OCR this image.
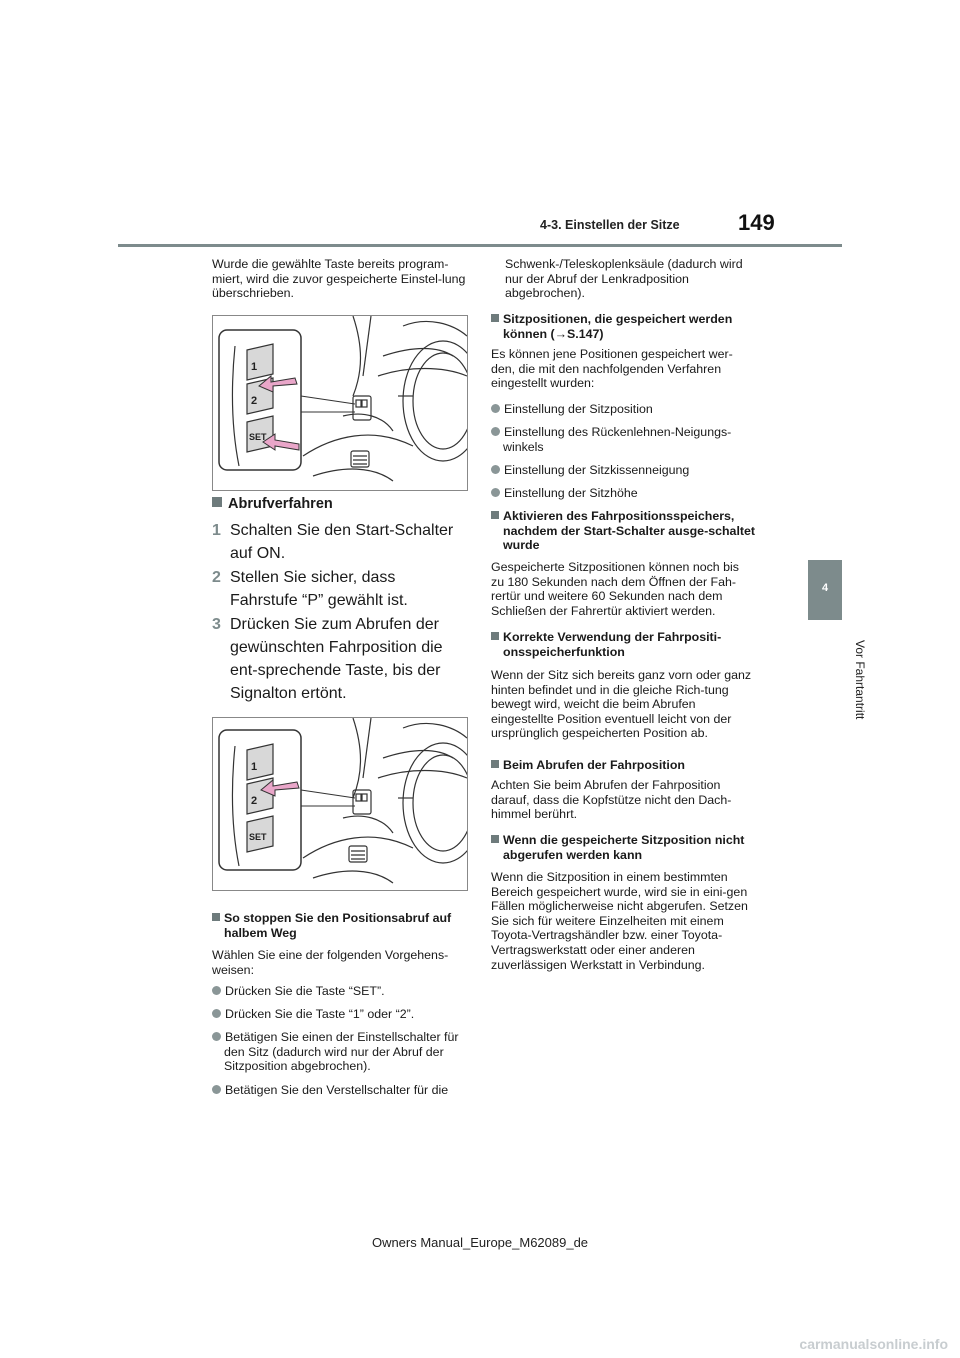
4-3. Einstellen der Sitze	149
4
Vor Fahrtantritt
Wurde die gewählte Taste bereits program-miert, wird die zuvor gespeicherte Einstel-lung überschrieben.
1
2
SET
Abrufverfahren
1 Schalten Sie den Start-Schalter auf ON.
2 Stellen Sie sicher, dass Fahrstufe “P” gewählt ist.
3 Drücken Sie zum Abrufen der gewünschten Fahrposition die ent-sprechende Taste, bis der Signalton ertönt.
1
2
SET
So stoppen Sie den Positionsabruf auf halbem Weg
Wählen Sie eine der folgenden Vorgehens-weisen:
Drücken Sie die Taste “SET”.
Drücken Sie die Taste “1” oder “2”.
Betätigen Sie einen der Einstellschalter für den Sitz (dadurch wird nur der Abruf der Sitzposition abgebrochen).
Betätigen Sie den Verstellschalter für die
Schwenk-/Teleskoplenksäule (dadurch wird nur der Abruf der Lenkradposition abgebrochen).
Sitzpositionen, die gespeichert werden können (→S.147)
Es können jene Positionen gespeichert wer-den, die mit den nachfolgenden Verfahren eingestellt wurden:
Einstellung der Sitzposition
Einstellung des Rückenlehnen-Neigungs-winkels
Einstellung der Sitzkissenneigung
Einstellung der Sitzhöhe
Aktivieren des Fahrpositionsspeichers, nachdem der Start-Schalter ausge-schaltet wurde
Gespeicherte Sitzpositionen können noch bis zu 180 Sekunden nach dem Öffnen der Fah-rertür und weitere 60 Sekunden nach dem Schließen der Fahrertür aktiviert werden.
Korrekte Verwendung der Fahrpositi-onsspeicherfunktion
Wenn der Sitz sich bereits ganz vorn oder ganz hinten befindet und in die gleiche Rich-tung bewegt wird, weicht die beim Abrufen eingestellte Position eventuell leicht von der ursprünglich gespeicherten Position ab.
Beim Abrufen der Fahrposition
Achten Sie beim Abrufen der Fahrposition darauf, dass die Kopfstütze nicht den Dach-himmel berührt.
Wenn die gespeicherte Sitzposition nicht abgerufen werden kann
Wenn die Sitzposition in einem bestimmten Bereich gespeichert wurde, wird sie in eini-gen Fällen möglicherweise nicht abgerufen. Setzen Sie sich für weitere Einzelheiten mit einem Toyota-Vertragshändler bzw. einer Toyota-Vertragswerkstatt oder einer anderen zuverlässigen Werkstatt in Verbindung.
Owners Manual_Europe_M62089_de
carmanualsonline.info
